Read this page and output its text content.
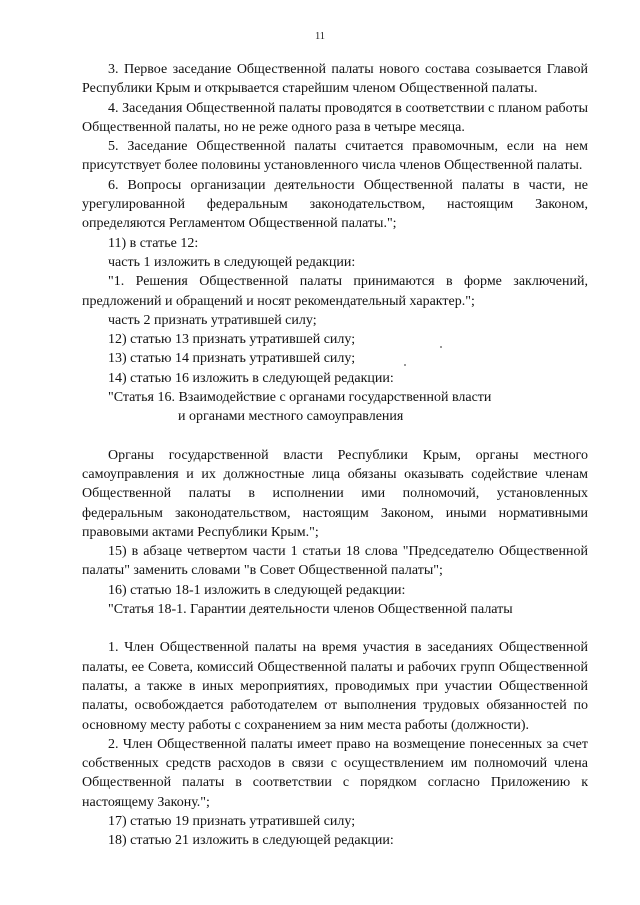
11

3. Первое заседание Общественной палаты нового состава созывается Главой Республики Крым и открывается старейшим членом Общественной палаты.

4. Заседания Общественной палаты проводятся в соответствии с планом работы Общественной палаты, но не реже одного раза в четыре месяца.

5. Заседание Общественной палаты считается правомочным, если на нем присутствует более половины установленного числа членов Общественной палаты.

6. Вопросы организации деятельности Общественной палаты в части, не урегулированной федеральным законодательством, настоящим Законом, определяются Регламентом Общественной палаты.";

11) в статье 12:

часть 1 изложить в следующей редакции:

"1. Решения Общественной палаты принимаются в форме заключений, предложений и обращений и носят рекомендательный характер.";

часть 2 признать утратившей силу;

12) статью 13 признать утратившей силу;

13) статью 14 признать утратившей силу;

14) статью 16 изложить в следующей редакции:

"Статья 16. Взаимодействие с органами государственной власти

и органами местного самоуправления

Органы государственной власти Республики Крым, органы местного самоуправления и их должностные лица обязаны оказывать содействие членам Общественной палаты в исполнении ими полномочий, установленных федеральным законодательством, настоящим Законом, иными нормативными правовыми актами Республики Крым.";

15) в абзаце четвертом части 1 статьи 18 слова "Председателю Общественной палаты" заменить словами "в Совет Общественной палаты";

16) статью 18-1 изложить в следующей редакции:

"Статья 18-1. Гарантии деятельности членов Общественной палаты

1. Член Общественной палаты на время участия в заседаниях Общественной палаты, ее Совета, комиссий Общественной палаты и рабочих групп Общественной палаты, а также в иных мероприятиях, проводимых при участии Общественной палаты, освобождается работодателем от выполнения трудовых обязанностей по основному месту работы с сохранением за ним места работы (должности).

2. Член Общественной палаты имеет право на возмещение понесенных за счет собственных средств расходов в связи с осуществлением им полномочий члена Общественной палаты в соответствии с порядком согласно Приложению к настоящему Закону.";

17) статью 19 признать утратившей силу;

18) статью 21 изложить в следующей редакции:
